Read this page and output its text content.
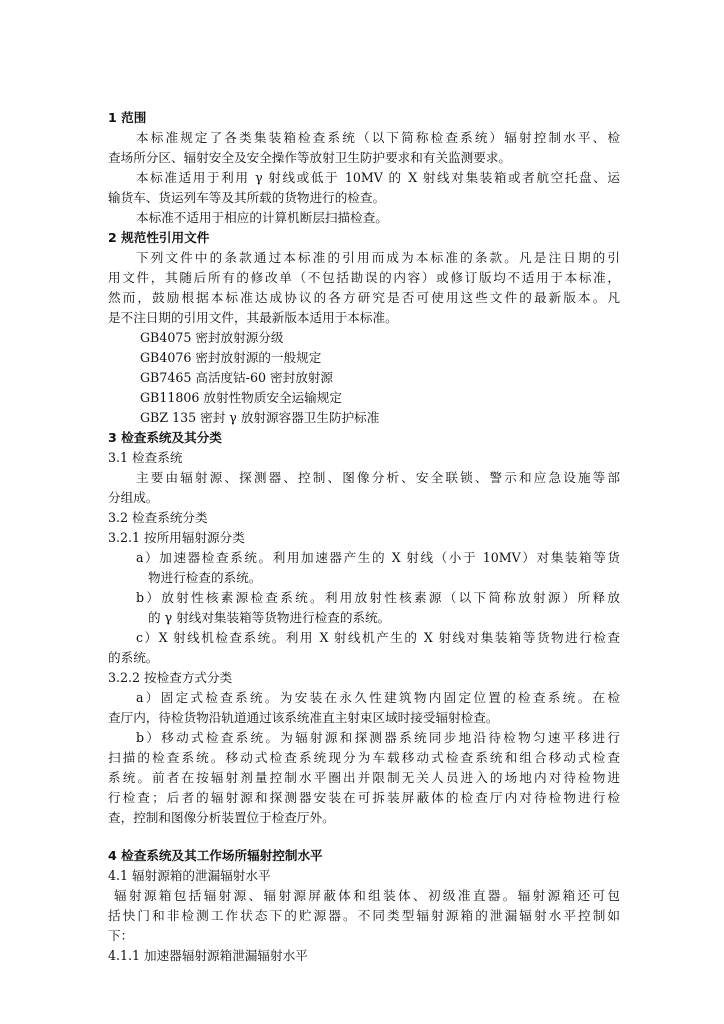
1 范围
本标准规定了各类集装箱检查系统（以下简称检查系统）辐射控制水平、检
查场所分区、辐射安全及安全操作等放射卫生防护要求和有关监测要求。
本标准适用于利用 γ 射线或低于 10MV 的 X 射线对集装箱或者航空托盘、运
输货车、货运列车等及其所载的货物进行的检查。
本标准不适用于相应的计算机断层扫描检查。
2 规范性引用文件
下列文件中的条款通过本标准的引用而成为本标准的条款。凡是注日期的引
用文件，其随后所有的修改单（不包括勘误的内容）或修订版均不适用于本标准，
然而，鼓励根据本标准达成协议的各方研究是否可使用这些文件的最新版本。凡
是不注日期的引用文件，其最新版本适用于本标准。
GB4075 密封放射源分级
GB4076 密封放射源的一般规定
GB7465 高活度钴-60 密封放射源
GB11806 放射性物质安全运输规定
GBZ 135 密封 γ 放射源容器卫生防护标准
3 检查系统及其分类
3.1 检查系统
主要由辐射源、探测器、控制、图像分析、安全联锁、警示和应急设施等部
分组成。
3.2 检查系统分类
3.2.1 按所用辐射源分类
a）加速器检查系统。利用加速器产生的 X 射线（小于 10MV）对集装箱等货
物进行检查的系统。
b）放射性核素源检查系统。利用放射性核素源（以下简称放射源）所释放
的 γ 射线对集装箱等货物进行检查的系统。
c）X 射线机检查系统。利用 X 射线机产生的 X 射线对集装箱等货物进行检查
的系统。
3.2.2 按检查方式分类
a）固定式检查系统。为安装在永久性建筑物内固定位置的检查系统。在检
查厅内，待检货物沿轨道通过该系统准直主射束区域时接受辐射检查。
b）移动式检查系统。为辐射源和探测器系统同步地沿待检物匀速平移进行
扫描的检查系统。移动式检查系统现分为车载移动式检查系统和组合移动式检查
系统。前者在按辐射剂量控制水平圈出并限制无关人员进入的场地内对待检物进
行检查；后者的辐射源和探测器安装在可拆装屏蔽体的检查厅内对待检物进行检
查，控制和图像分析装置位于检查厅外。
4 检查系统及其工作场所辐射控制水平
4.1 辐射源箱的泄漏辐射水平
辐射源箱包括辐射源、辐射源屏蔽体和组装体、初级准直器。辐射源箱还可包
括快门和非检测工作状态下的贮源器。不同类型辐射源箱的泄漏辐射水平控制如
下：
4.1.1 加速器辐射源箱泄漏辐射水平
